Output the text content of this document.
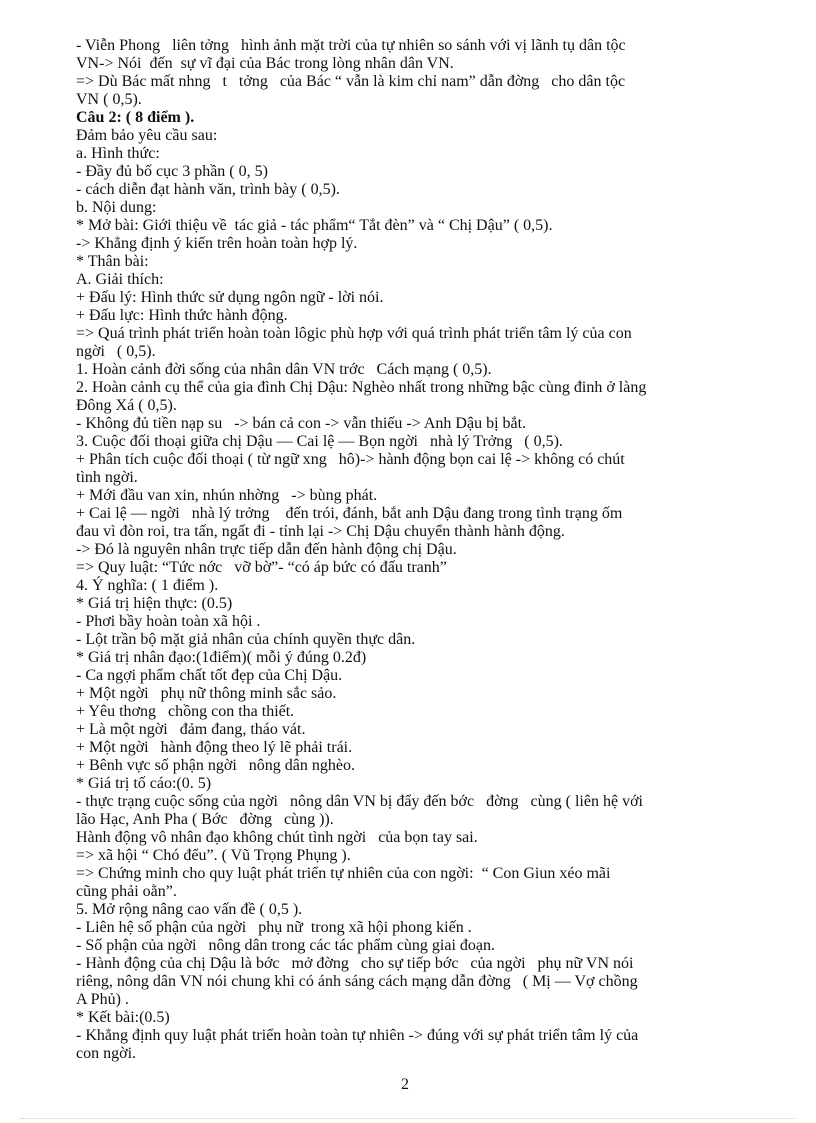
- Viễn Phong   liên tởng   hình ảnh mặt trời của tự nhiên so sánh với vị lãnh tụ dân tộc
VN-> Nói  đến  sự vĩ đại của Bác trong lòng nhân dân VN.
=> Dù Bác mất nhng   t   tởng   của Bác “ vẫn là kim chỉ nam” dẫn đờng   cho dân tộc
VN ( 0,5).
Câu 2: ( 8 điểm ).
Đảm bảo yêu cầu sau:
a. Hình thức:
- Đầy đủ bố cục 3 phần ( 0, 5)
- cách diễn đạt hành văn, trình bày ( 0,5).
b. Nội dung:
* Mở bài: Giới thiệu về  tác giả - tác phẩm“ Tắt đèn” và “ Chị Dậu” ( 0,5).
-> Khẳng định ý kiến trên hoàn toàn hợp lý.
* Thân bài:
A. Giải thích:
+ Đấu lý: Hình thức sử dụng ngôn ngữ - lời nói.
+ Đấu lực: Hình thức hành động.
=> Quá trình phát triển hoàn toàn lôgic phù hợp với quá trình phát triển tâm lý của con
ngời   ( 0,5).
1. Hoàn cảnh đời sống của nhân dân VN trớc   Cách mạng ( 0,5).
2. Hoàn cảnh cụ thể của gia đình Chị Dậu: Nghèo nhất trong những bậc cùng đinh ở làng
Đông Xá ( 0,5).
- Không đủ tiền nạp su   -> bán cả con -> vẫn thiếu -> Anh Dậu bị bắt.
3. Cuộc đối thoại giữa chị Dậu — Cai lệ — Bọn ngời   nhà lý Trởng   ( 0,5).
+ Phân tích cuộc đối thoại ( từ ngữ xng   hô)-> hành động bọn cai lệ -> không có chút
tình ngời.
+ Mới đầu van xin, nhún nhờng   -> bùng phát.
+ Cai lệ — ngời   nhà lý trởng    đến trói, đánh, bắt anh Dậu đang trong tình trạng ốm
đau vì đòn roi, tra tấn, ngất đi - tỉnh lại -> Chị Dậu chuyển thành hành động.
-> Đó là nguyên nhân trực tiếp dẫn đến hành động chị Dậu.
=> Quy luật: “Tức nớc   vỡ bờ”- “có áp bức có đấu tranh”
4. Ý nghĩa: ( 1 điểm ).
* Giá trị hiện thực: (0.5)
- Phơi bầy hoàn toàn xã hội .
- Lột trần bộ mặt giả nhân của chính quyền thực dân.
* Giá trị nhân đạo:(1điểm)( mỗi ý đúng 0.2đ)
- Ca ngợi phẩm chất tốt đẹp của Chị Dậu.
+ Một ngời   phụ nữ thông minh sắc sảo.
+ Yêu thơng   chồng con tha thiết.
+ Là một ngời   đảm đang, tháo vát.
+ Một ngời   hành động theo lý lẽ phải trái.
+ Bênh vực số phận ngời   nông dân nghèo.
* Giá trị tố cáo:(0. 5)
- thực trạng cuộc sống của ngời   nông dân VN bị đẩy đến bớc   đờng   cùng ( liên hệ với
lão Hạc, Anh Pha ( Bớc   đờng   cùng )).
Hành động vô nhân đạo không chút tình ngời   của bọn tay sai.
=> xã hội “ Chó đểu”. ( Vũ Trọng Phụng ).
=> Chứng minh cho quy luật phát triển tự nhiên của con ngời:  “ Con Giun xéo mãi
cũng phải oằn”.
5. Mở rộng nâng cao vấn đề ( 0,5 ).
- Liên hệ số phận của ngời   phụ nữ  trong xã hội phong kiến .
- Số phận của ngời   nông dân trong các tác phẩm cùng giai đoạn.
- Hành động của chị Dậu là bớc   mở đờng   cho sự tiếp bớc   của ngời   phụ nữ VN nói
riêng, nông dân VN nói chung khi có ánh sáng cách mạng dẫn đờng   ( Mị — Vợ chồng
A Phủ) .
* Kết bài:(0.5)
- Khẳng định quy luật phát triển hoàn toàn tự nhiên -> đúng với sự phát triển tâm lý của
con ngời.
2
